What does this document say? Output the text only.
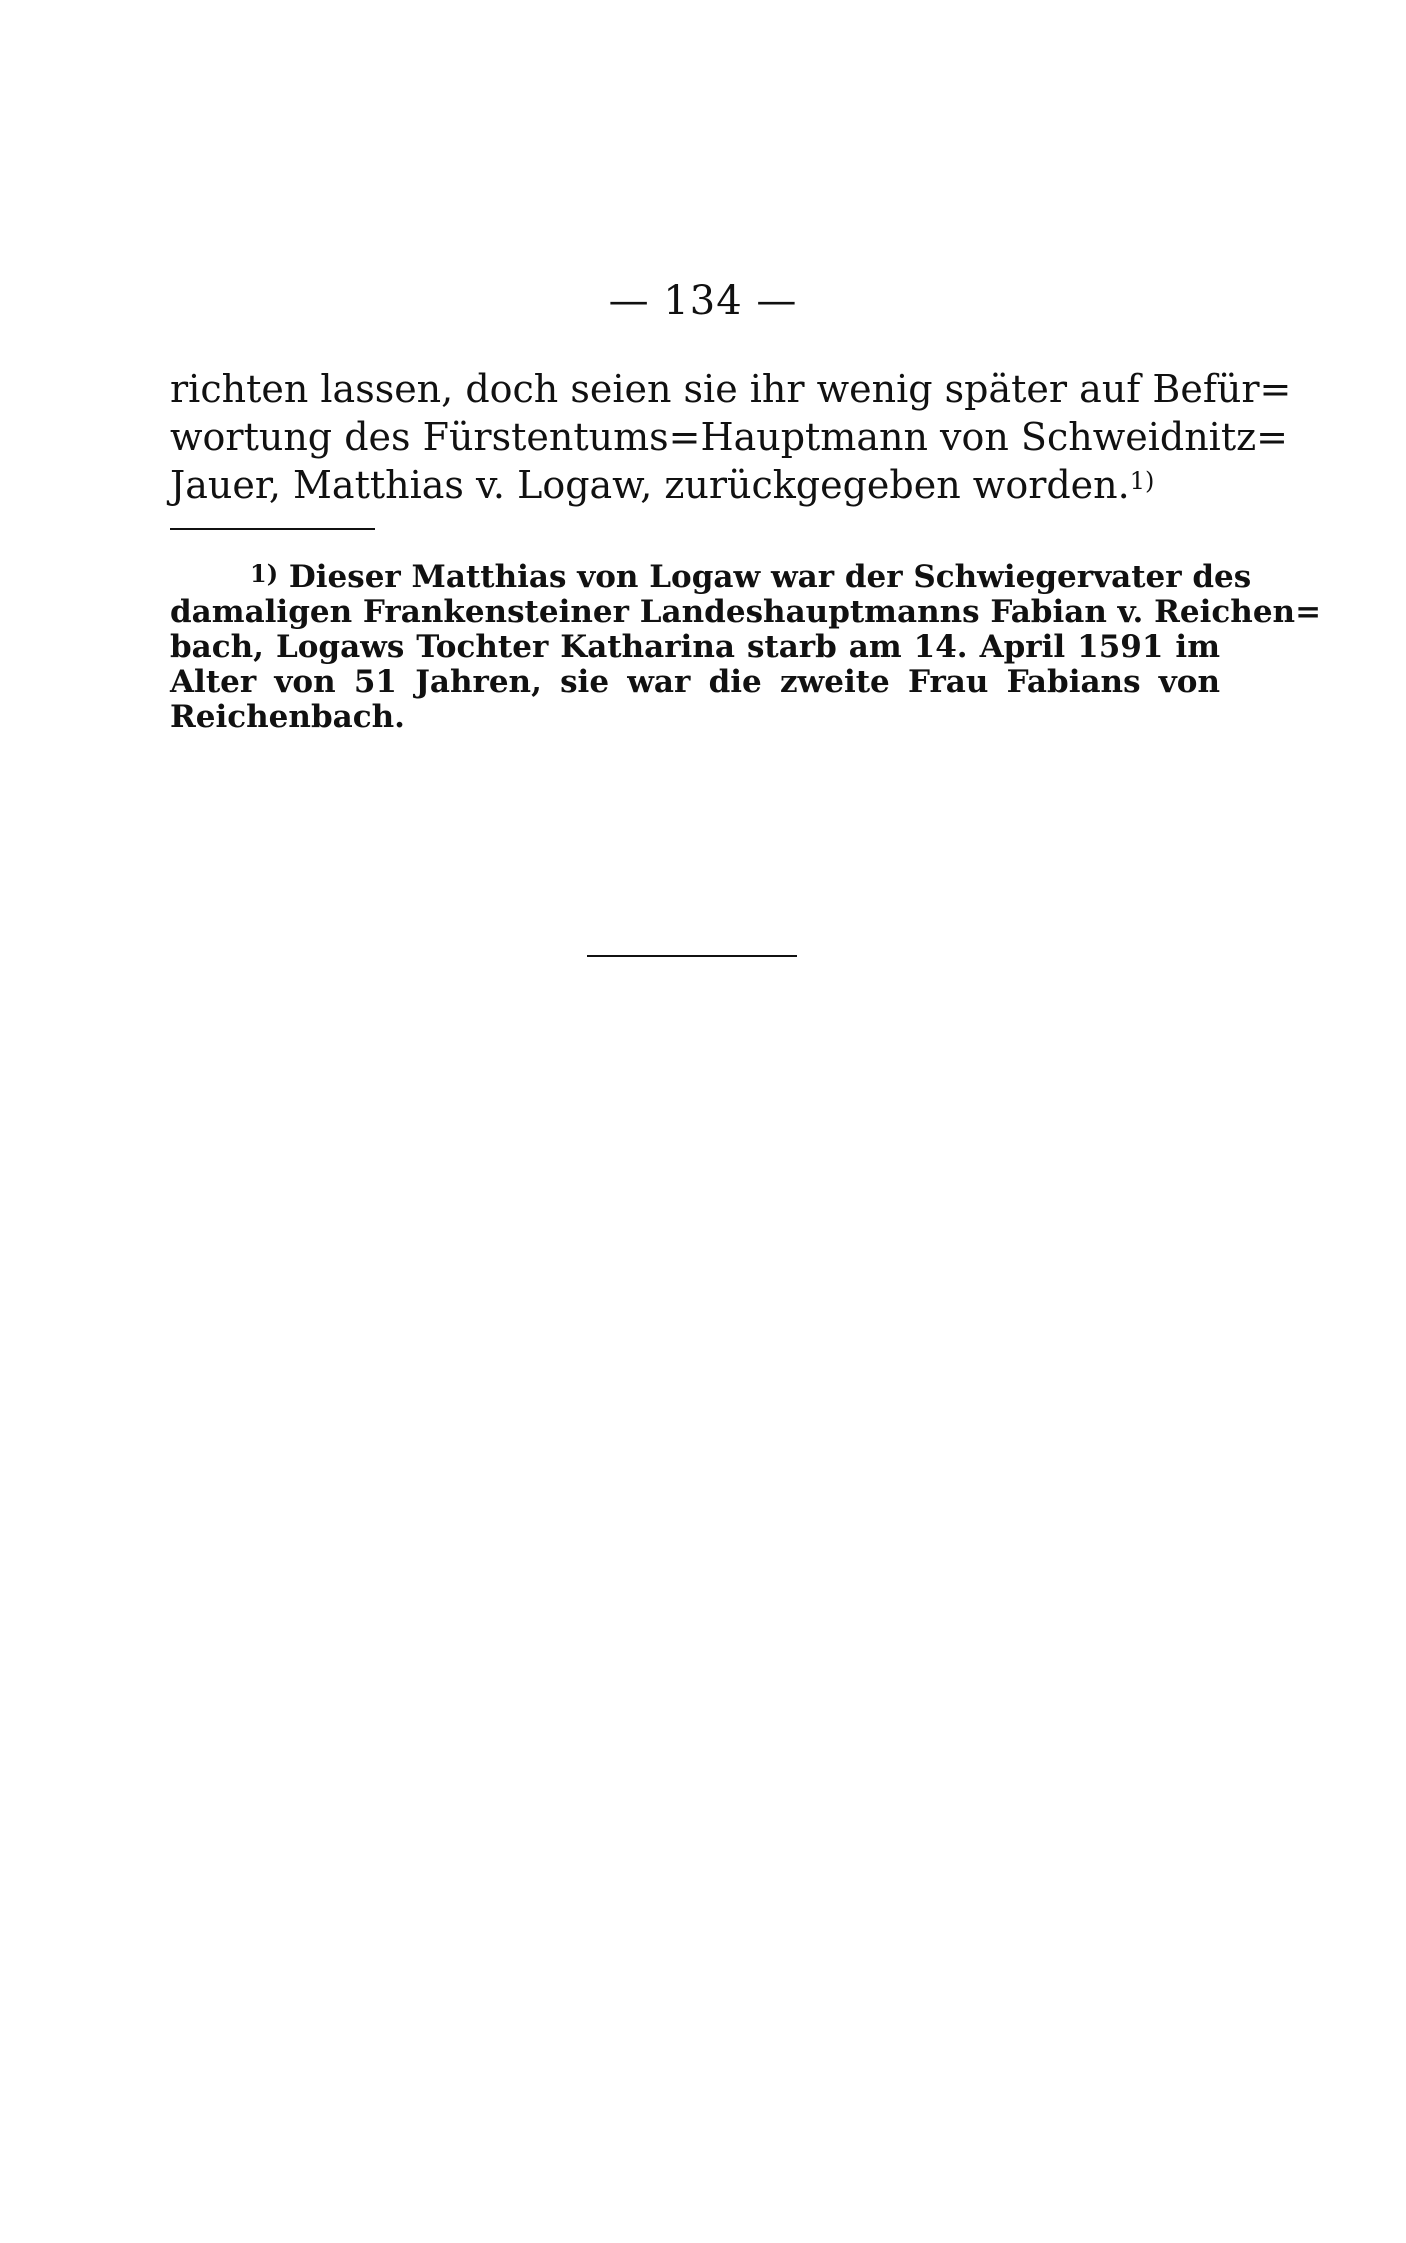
— 134 —
richten lassen, doch seien sie ihr wenig später auf Befür=
wortung des Fürstentums=Hauptmann von Schweidnitz=
Jauer, Matthias v. Logaw, zurückgegeben worden.$^{1)}$
$^{1)}$ Dieser Matthias von Logaw war der Schwiegervater des
damaligen Frankensteiner Landeshauptmanns Fabian v. Reichen=
bach, Logaws Tochter Katharina starb am 14. April 1591 im
Alter von 51 Jahren, sie war die zweite Frau Fabians von
Reichenbach.
